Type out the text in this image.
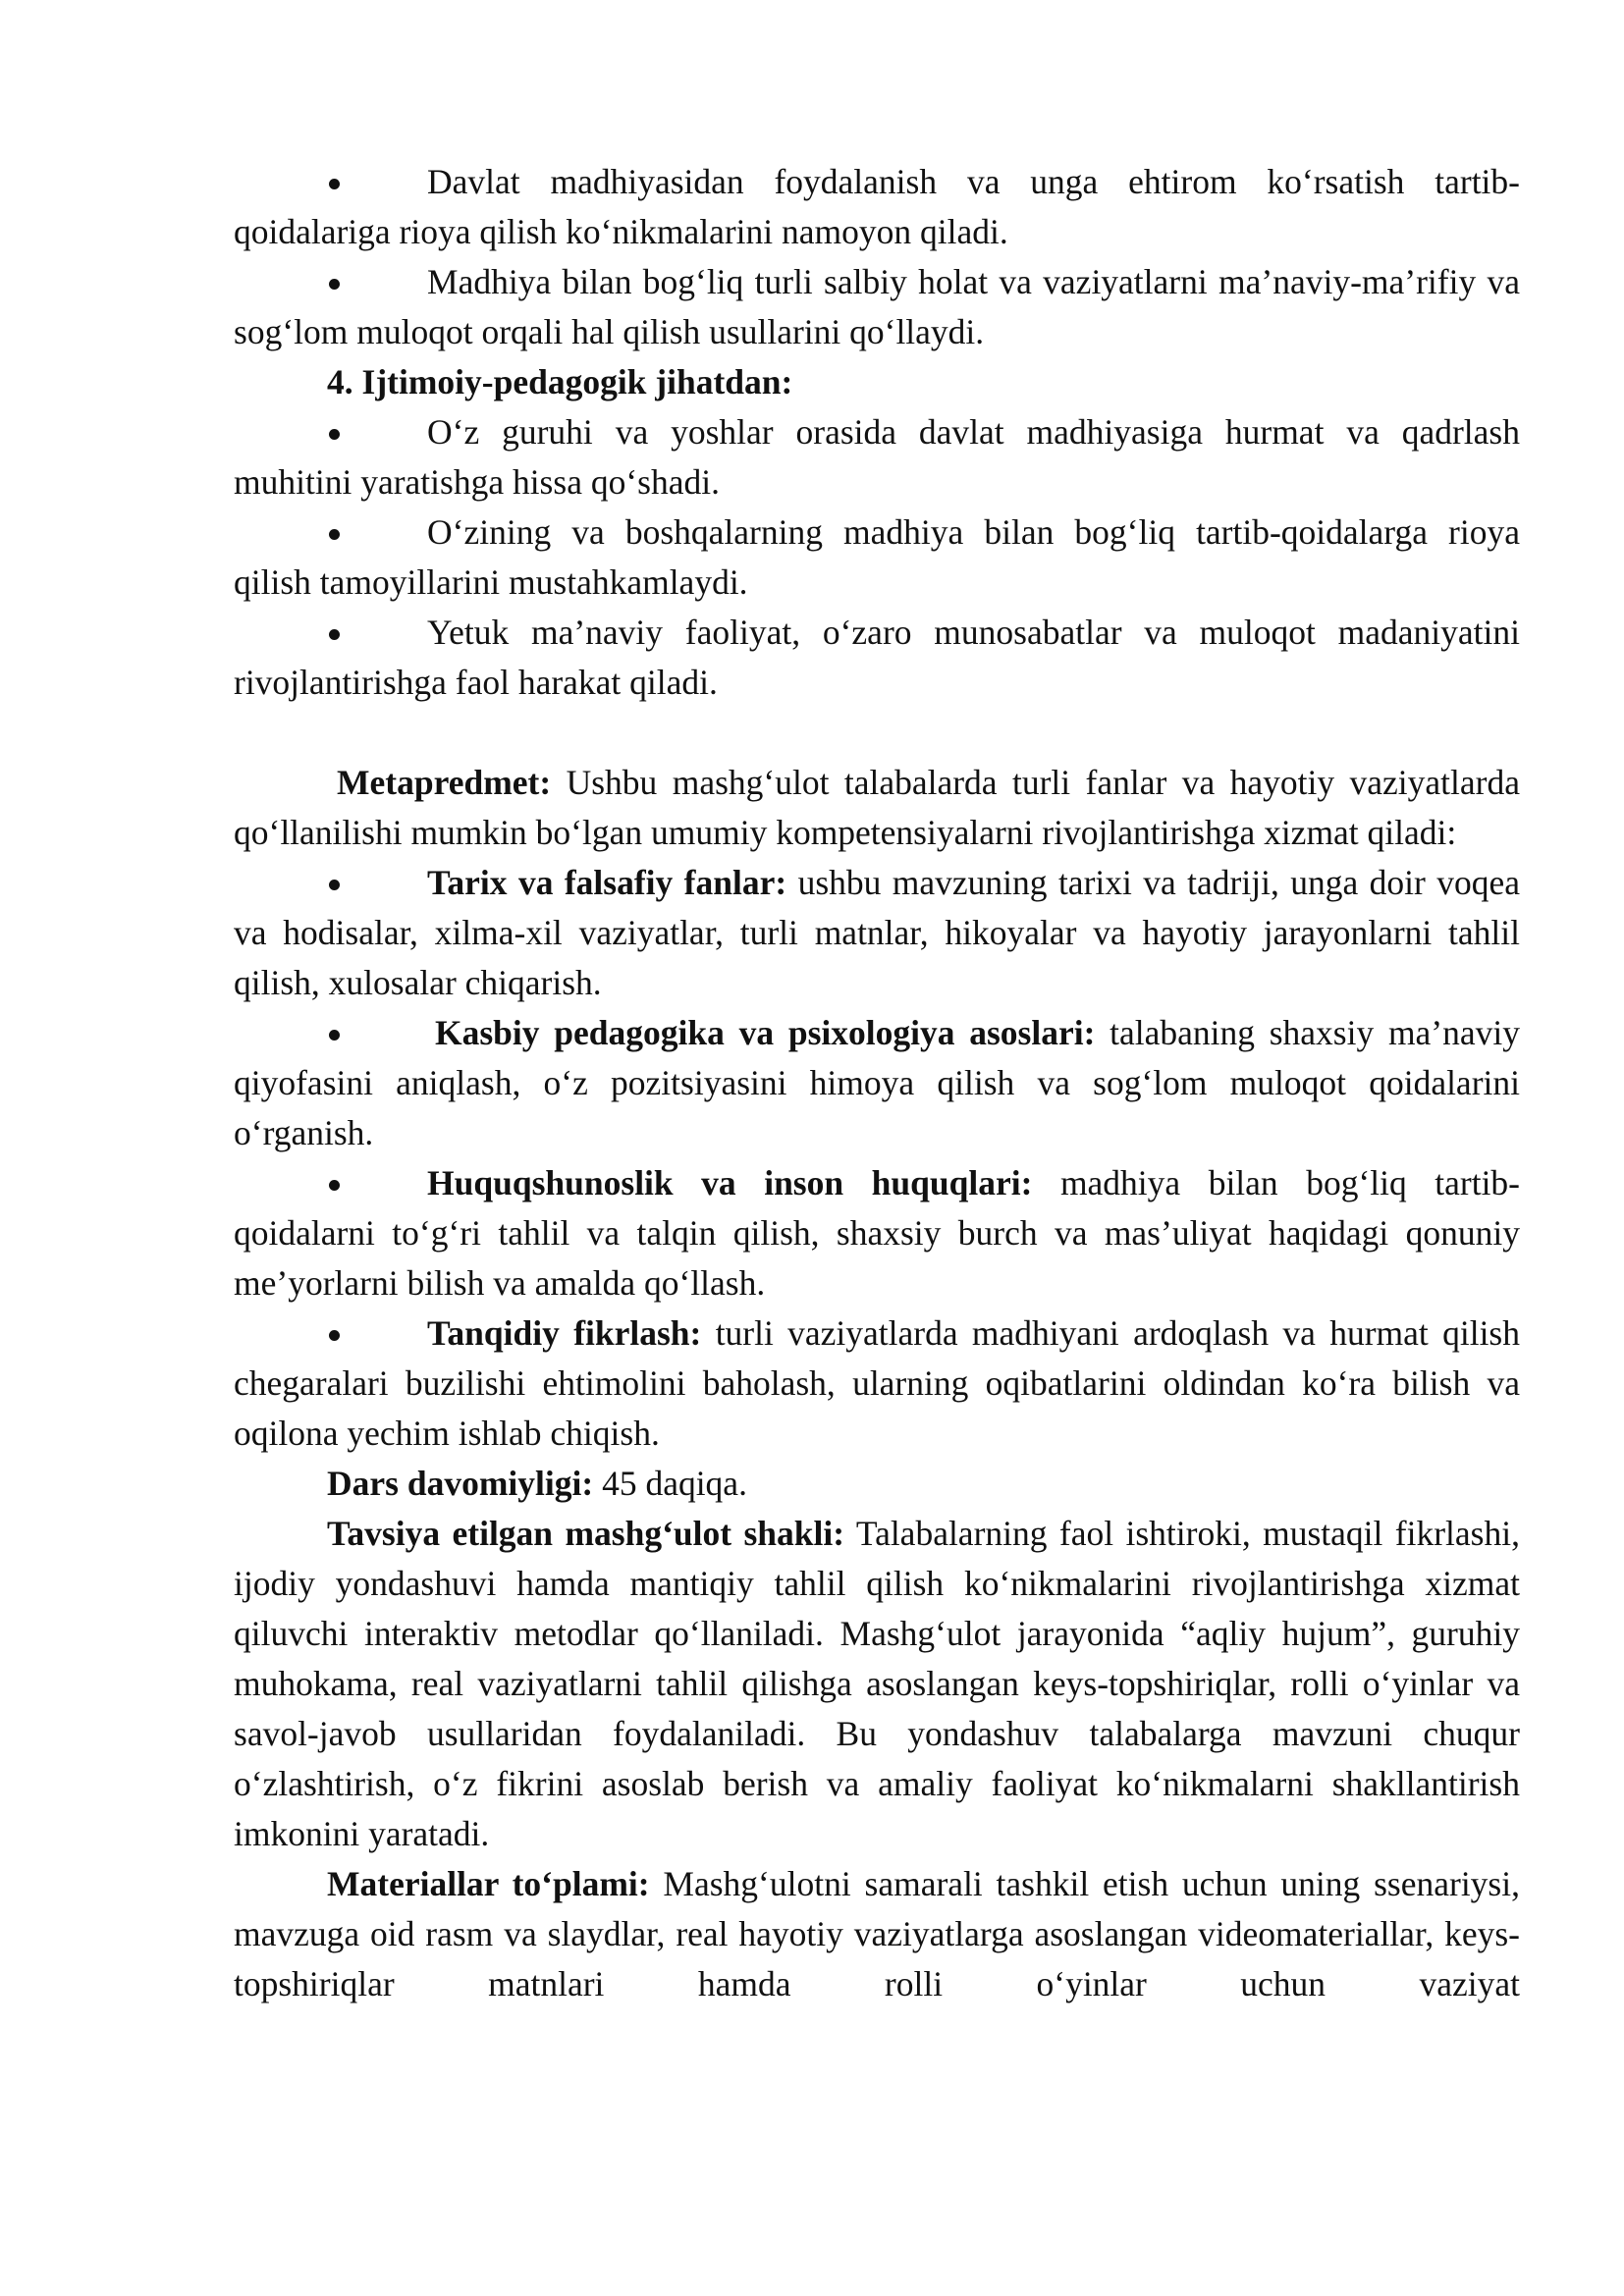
Davlat madhiyasidan foydalanish va unga ehtirom ko‘rsatish tartib-qoidalariga rioya qilish ko‘nikmalarini namoyon qiladi.

Madhiya bilan bog‘liq turli salbiy holat va vaziyatlarni ma’naviy-ma’rifiy va sog‘lom muloqot orqali hal qilish usullarini qo‘llaydi.

4. Ijtimoiy-pedagogik jihatdan:

O‘z guruhi va yoshlar orasida davlat madhiyasiga hurmat va qadrlash muhitini yaratishga hissa qo‘shadi.

O‘zining va boshqalarning madhiya bilan bog‘liq tartib-qoidalarga rioya qilish tamoyillarini mustahkamlaydi.

Yetuk ma’naviy faoliyat, o‘zaro munosabatlar va muloqot madaniyatini rivojlantirishga faol harakat qiladi.

Metapredmet: Ushbu mashg‘ulot talabalarda turli fanlar va hayotiy vaziyatlarda qo‘llanilishi mumkin bo‘lgan umumiy kompetensiyalarni rivojlantirishga xizmat qiladi:

Tarix va falsafiy fanlar: ushbu mavzuning tarixi va tadriji, unga doir voqea va hodisalar, xilma-xil vaziyatlar, turli matnlar, hikoyalar va hayotiy jarayonlarni tahlil qilish, xulosalar chiqarish.

Kasbiy pedagogika va psixologiya asoslari: talabaning shaxsiy ma’naviy qiyofasini aniqlash, o‘z pozitsiyasini himoya qilish va sog‘lom muloqot qoidalarini o‘rganish.

Huquqshunoslik va inson huquqlari: madhiya bilan bog‘liq tartib-qoidalarni to‘g‘ri tahlil va talqin qilish, shaxsiy burch va mas’uliyat haqidagi qonuniy me’yorlarni bilish va amalda qo‘llash.

Tanqidiy fikrlash: turli vaziyatlarda madhiyani ardoqlash va hurmat qilish chegaralari buzilishi ehtimolini baholash, ularning oqibatlarini oldindan ko‘ra bilish va oqilona yechim ishlab chiqish.

Dars davomiyligi: 45 daqiqa.

Tavsiya etilgan mashg‘ulot shakli: Talabalarning faol ishtiroki, mustaqil fikrlashi, ijodiy yondashuvi hamda mantiqiy tahlil qilish ko‘nikmalarini rivojlantirishga xizmat qiluvchi interaktiv metodlar qo‘llaniladi. Mashg‘ulot jarayonida “aqliy hujum”, guruhiy muhokama, real vaziyatlarni tahlil qilishga asoslangan keys-topshiriqlar, rolli o‘yinlar va savol-javob usullaridan foydalaniladi. Bu yondashuv talabalarga mavzuni chuqur o‘zlashtirish, o‘z fikrini asoslab berish va amaliy faoliyat ko‘nikmalarni shakllantirish imkonini yaratadi.

Materiallar to‘plami: Mashg‘ulotni samarali tashkil etish uchun uning ssenariysi, mavzuga oid rasm va slaydlar, real hayotiy vaziyatlarga asoslangan videomateriallar, keys-topshiriqlar matnlari hamda rolli o‘yinlar uchun vaziyat
